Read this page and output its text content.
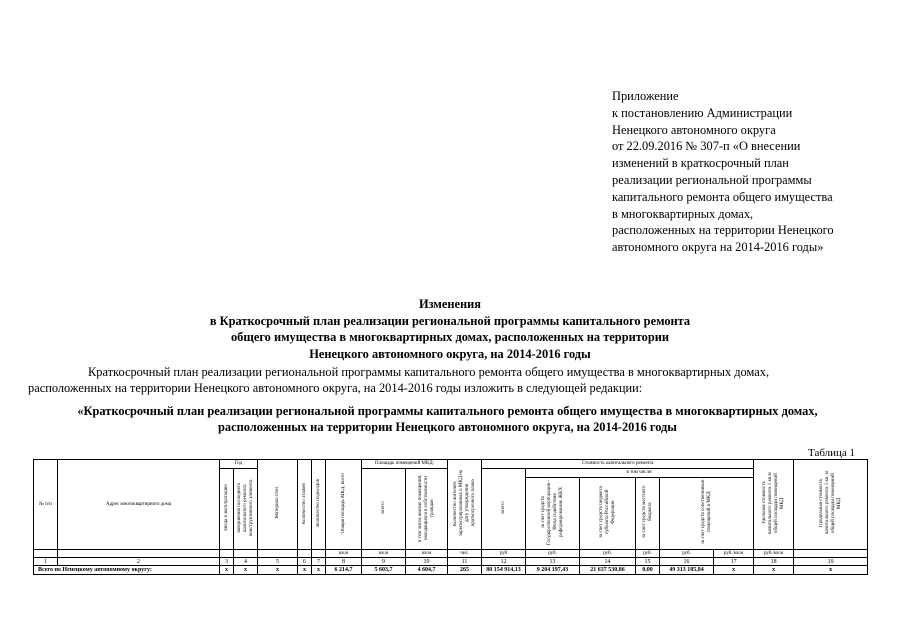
Приложение
к постановлению Администрации
Ненецкого автономного округа
от 22.09.2016 № 307-п «О внесении
изменений в краткосрочный план
реализации региональной программы
капитального ремонта общего имущества
в многоквартирных домах,
расположенных на территории Ненецкого
автономного округа на 2014-2016 годы»
Изменения
в Краткосрочный план реализации региональной программы капитального ремонта
общего имущества в многоквартирных домах, расположенных на территории
Ненецкого автономного округа, на 2014-2016 годы
Краткосрочный план реализации региональной программы капитального ремонта общего имущества в многоквартирных домах,
расположенных на территории Ненецкого автономного округа, на 2014-2016 годы изложить в следующей редакции:
«Краткосрочный план реализации региональной программы капитального ремонта общего имущества в многоквартирных домах,
расположенных на территории Ненецкого автономного округа, на 2014-2016 годы
Таблица 1
№ п/п	Адрес многоквартирного дома	Год		Материал стен	Количество этажей	Количество подъездов	Общая площадь МКД, всего	Площадь помещений МКД:		Количество жителей, зарегистрированных в МКД на дату утверждения краткосрочного плана	Стоимость капитального ремонта						Удельная стоимость капитального ремонта 1 кв.м общей площади помещений МКД	Предельная стоимость капитального ремонта 1 кв. м общей площади помещений МКД	
		ввода в эксплуатацию	завершения последнего капитального ремонта конструктивного элемента					всего:	в том числе жилых помещений, находящихся в собственности граждан		всего:	в том числе:							
												за счет средств Государственной корпорации - Фонд содействия реформированию ЖКХ	за счет средств бюджета субъекта Российской Федерации	за счет средств местного бюджета	за счет средств собственников помещений в МКД				
							кв.м	кв.м	кв.м	чел.	руб	руб.	руб.	руб.	руб.	руб./кв.м	руб./кв.м		
1	2	3	4	5	6	7	8	9	10	11	12	13	14	15	16	17	18	19	
Всего по Ненецкому автономному округу:		х	х	х	х	х	6 214,7	5 603,7	4 604,7	265	80 154 914,13	9 204 197,43	21 637 530,86	0,00	49 313 185,84	х	х	х	
